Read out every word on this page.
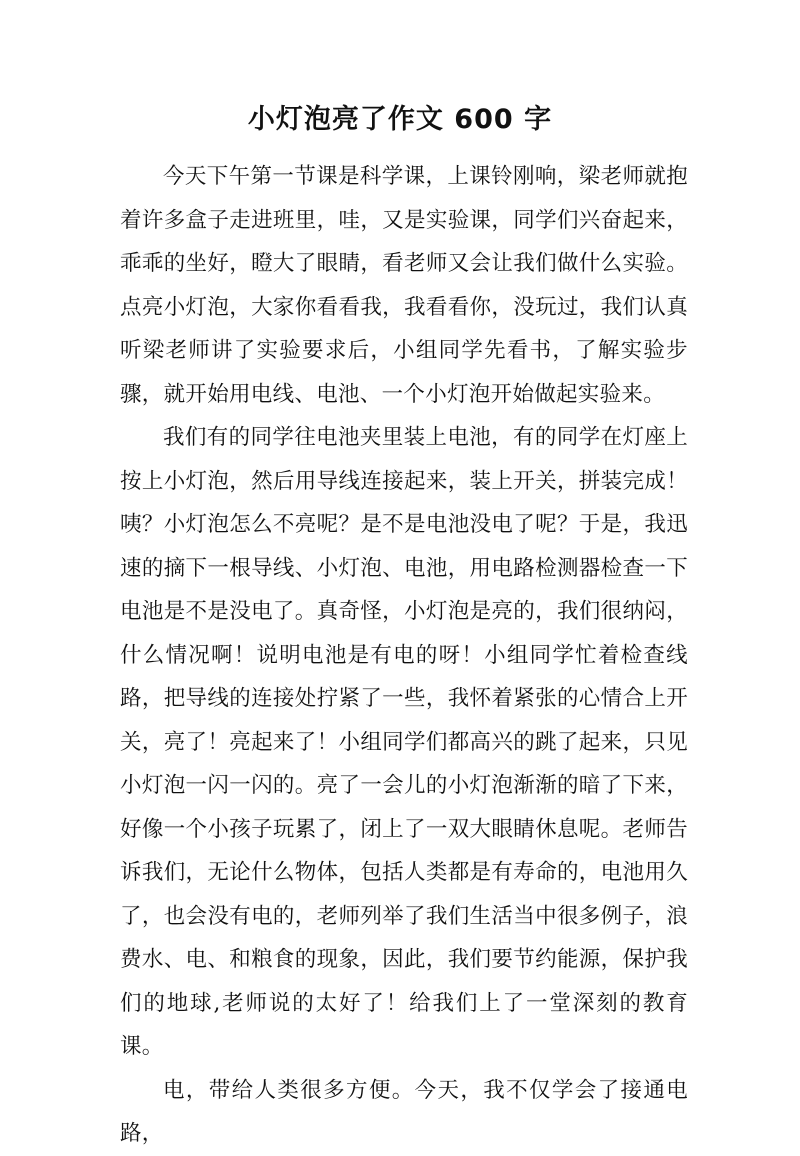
小灯泡亮了作文 600 字

今天下午第一节课是科学课，上课铃刚响，梁老师就抱着许多盒子走进班里，哇，又是实验课，同学们兴奋起来，乖乖的坐好，瞪大了眼睛，看老师又会让我们做什么实验。点亮小灯泡，大家你看看我，我看看你，没玩过，我们认真听梁老师讲了实验要求后，小组同学先看书，了解实验步骤，就开始用电线、电池、一个小灯泡开始做起实验来。

我们有的同学往电池夹里装上电池，有的同学在灯座上按上小灯泡，然后用导线连接起来，装上开关，拼装完成！咦？小灯泡怎么不亮呢？是不是电池没电了呢？于是，我迅速的摘下一根导线、小灯泡、电池，用电路检测器检查一下电池是不是没电了。真奇怪，小灯泡是亮的，我们很纳闷，什么情况啊！说明电池是有电的呀！小组同学忙着检查线路，把导线的连接处拧紧了一些，我怀着紧张的心情合上开关，亮了！亮起来了！小组同学们都高兴的跳了起来，只见小灯泡一闪一闪的。亮了一会儿的小灯泡渐渐的暗了下来，好像一个小孩子玩累了，闭上了一双大眼睛休息呢。老师告诉我们，无论什么物体，包括人类都是有寿命的，电池用久了，也会没有电的，老师列举了我们生活当中很多例子，浪费水、电、和粮食的现象，因此，我们要节约能源，保护我们的地球,老师说的太好了！给我们上了一堂深刻的教育课。

电，带给人类很多方便。今天，我不仅学会了接通电路，
